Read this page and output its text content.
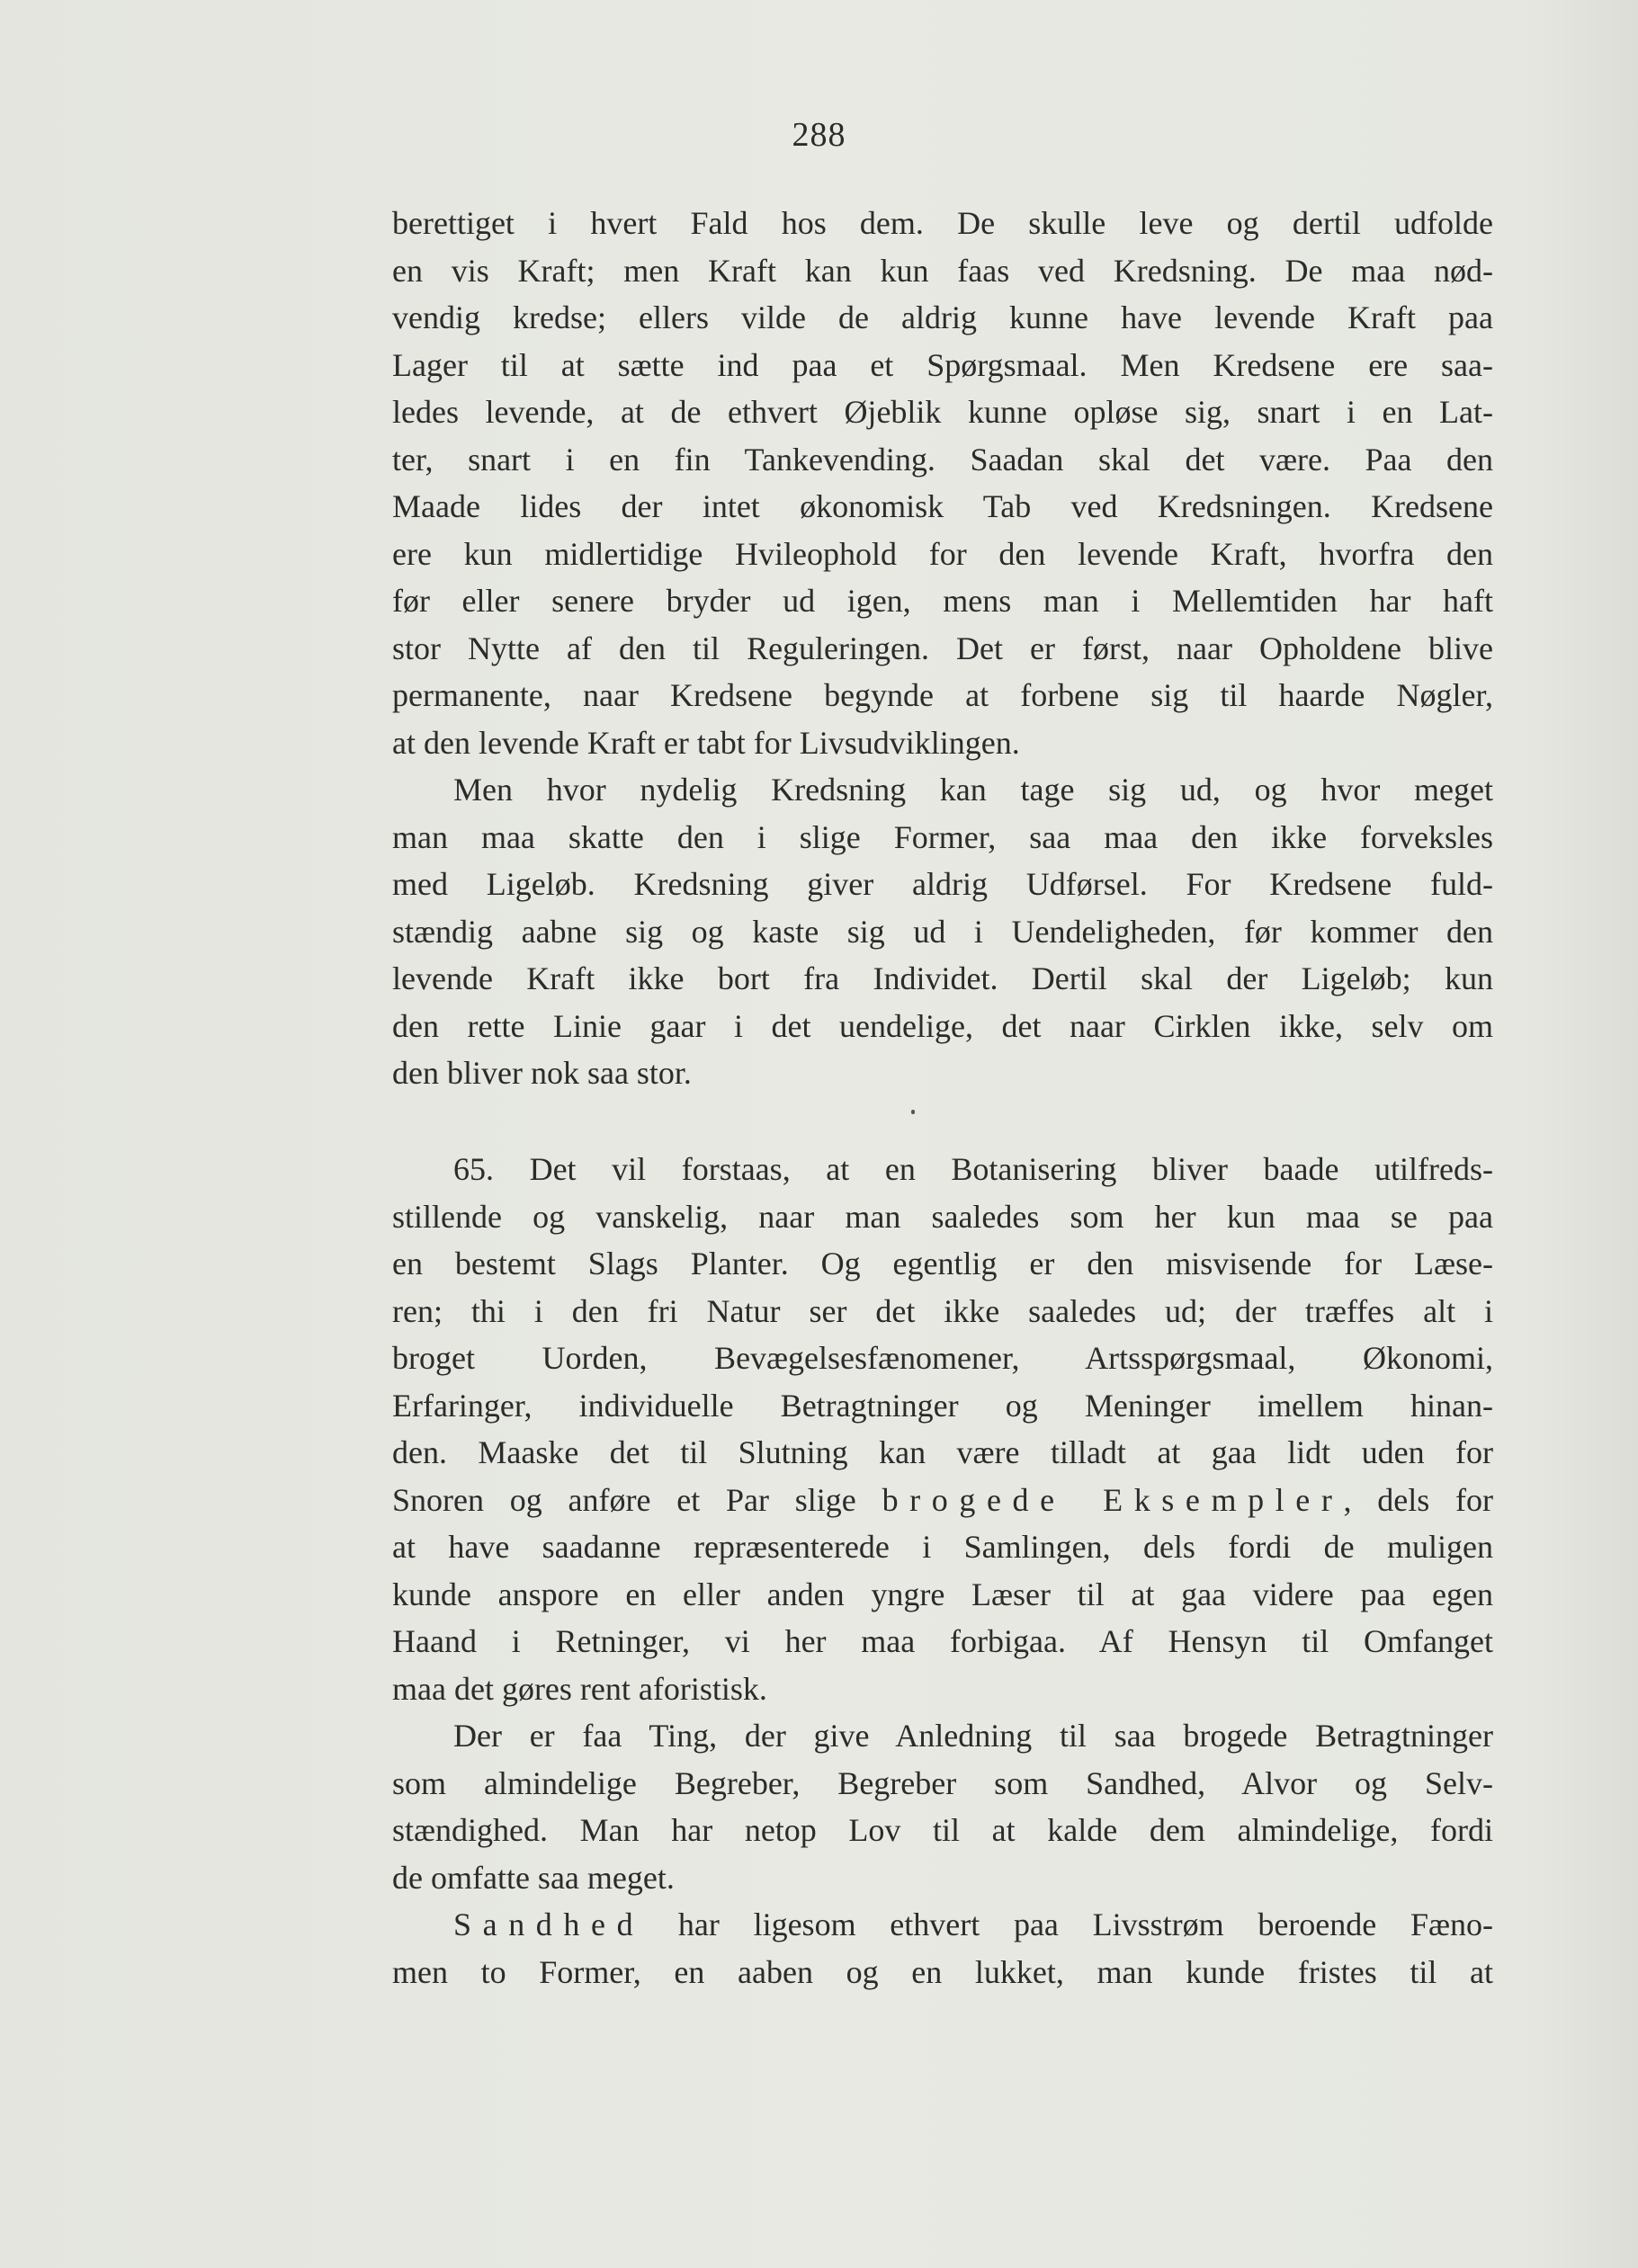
288
berettiget i hvert Fald hos dem. De skulle leve og dertil udfolde
en vis Kraft; men Kraft kan kun faas ved Kredsning. De maa nød-
vendig kredse; ellers vilde de aldrig kunne have levende Kraft paa
Lager til at sætte ind paa et Spørgsmaal. Men Kredsene ere saa-
ledes levende, at de ethvert Øjeblik kunne opløse sig, snart i en Lat-
ter, snart i en fin Tankevending. Saadan skal det være. Paa den
Maade lides der intet økonomisk Tab ved Kredsningen. Kredsene
ere kun midlertidige Hvileophold for den levende Kraft, hvorfra den
før eller senere bryder ud igen, mens man i Mellemtiden har haft
stor Nytte af den til Reguleringen. Det er først, naar Opholdene blive
permanente, naar Kredsene begynde at forbene sig til haarde Nøgler,
at den levende Kraft er tabt for Livsudviklingen.
Men hvor nydelig Kredsning kan tage sig ud, og hvor meget
man maa skatte den i slige Former, saa maa den ikke forveksles
med Ligeløb. Kredsning giver aldrig Udførsel. For Kredsene fuld-
stændig aabne sig og kaste sig ud i Uendeligheden, før kommer den
levende Kraft ikke bort fra Individet. Dertil skal der Ligeløb; kun
den rette Linie gaar i det uendelige, det naar Cirklen ikke, selv om
den bliver nok saa stor.
65. Det vil forstaas, at en Botanisering bliver baade utilfreds-
stillende og vanskelig, naar man saaledes som her kun maa se paa
en bestemt Slags Planter. Og egentlig er den misvisende for Læse-
ren; thi i den fri Natur ser det ikke saaledes ud; der træffes alt i
broget Uorden, Bevægelsesfænomener, Artsspørgsmaal, Økonomi,
Erfaringer, individuelle Betragtninger og Meninger imellem hinan-
den. Maaske det til Slutning kan være tilladt at gaa lidt uden for
Snoren og anføre et Par slige brogede Eksempler, dels for
at have saadanne repræsenterede i Samlingen, dels fordi de muligen
kunde anspore en eller anden yngre Læser til at gaa videre paa egen
Haand i Retninger, vi her maa forbigaa. Af Hensyn til Omfanget
maa det gøres rent aforistisk.
Der er faa Ting, der give Anledning til saa brogede Betragtninger
som almindelige Begreber, Begreber som Sandhed, Alvor og Selv-
stændighed. Man har netop Lov til at kalde dem almindelige, fordi
de omfatte saa meget.
Sandhed har ligesom ethvert paa Livsstrøm beroende Fæno-
men to Former, en aaben og en lukket, man kunde fristes til at
